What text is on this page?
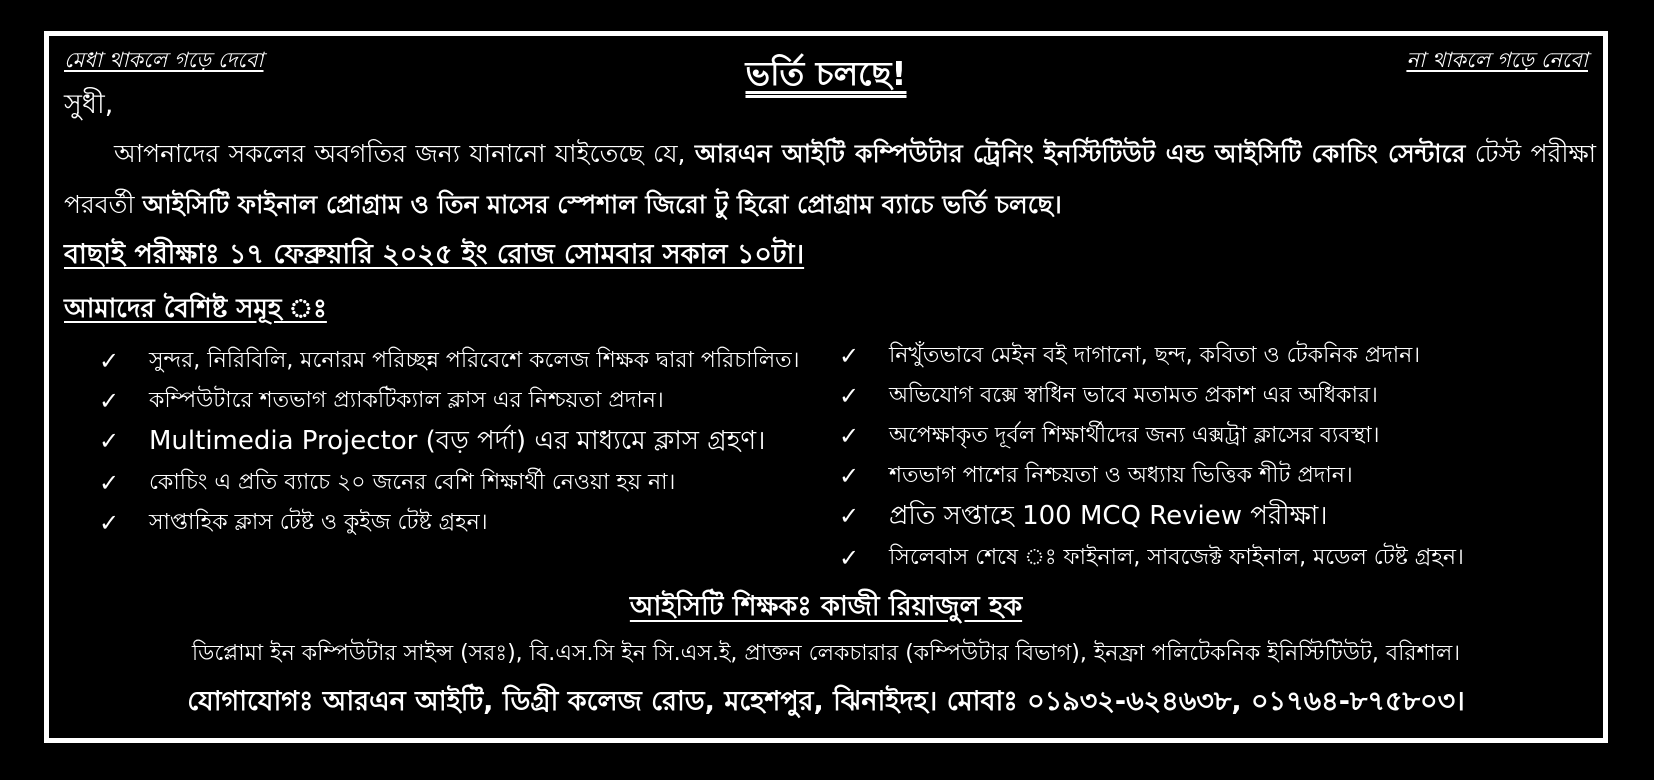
মেধা থাকলে গড়ে দেবো	না থাকলে গড়ে নেবো
ভর্তি চলছে!
সুধী,
আপনাদের সকলের অবগতির জন্য যানানো যাইতেছে যে, আরএন আইটি কম্পিউটার ট্রেনিং ইনস্টিটিউট এন্ড আইসিটি কোচিং সেন্টারে টেস্ট পরীক্ষা পরবর্তী আইসিটি ফাইনাল প্রোগ্রাম ও তিন মাসের স্পেশাল জিরো টু হিরো প্রোগ্রাম ব্যাচে ভর্তি চলছে।
বাছাই পরীক্ষাঃ ১৭ ফেব্রুয়ারি ২০২৫ ইং রোজ সোমবার সকাল ১০টা।
আমাদের বৈশিষ্ট সমূহ ঃ
✓ সুন্দর, নিরিবিলি, মনোরম পরিচ্ছন্ন পরিবেশে কলেজ শিক্ষক দ্বারা পরিচালিত।
✓ কম্পিউটারে শতভাগ প্র্যাকটিক্যাল ক্লাস এর নিশ্চয়তা প্রদান।
✓ Multimedia Projector (বড় পর্দা) এর মাধ্যমে ক্লাস গ্রহণ।
✓ কোচিং এ প্রতি ব্যাচে ২০ জনের বেশি শিক্ষার্থী নেওয়া হয় না।
✓ সাপ্তাহিক ক্লাস টেষ্ট ও কুইজ টেষ্ট গ্রহন।
✓ নিখুঁতভাবে মেইন বই দাগানো, ছন্দ, কবিতা ও টেকনিক প্রদান।
✓ অভিযোগ বক্সে স্বাধিন ভাবে মতামত প্রকাশ এর অধিকার।
✓ অপেক্ষাকৃত দূর্বল শিক্ষার্থীদের জন্য এক্সট্রা ক্লাসের ব্যবস্থা।
✓ শতভাগ পাশের নিশ্চয়তা ও অধ্যায় ভিত্তিক শীট প্রদান।
✓ প্রতি সপ্তাহে 100 MCQ Review পরীক্ষা।
✓ সিলেবাস শেষে ঃ ফাইনাল, সাবজেক্ট ফাইনাল, মডেল টেষ্ট গ্রহন।
আইসিটি শিক্ষকঃ কাজী রিয়াজুল হক
ডিপ্লোমা ইন কম্পিউটার সাইন্স (সরঃ), বি.এস.সি ইন সি.এস.ই, প্রাক্তন লেকচারার (কম্পিউটার বিভাগ), ইনফ্রা পলিটেকনিক ইনিস্টিটিউট, বরিশাল।
যোগাযোগঃ আরএন আইটি, ডিগ্রী কলেজ রোড, মহেশপুর, ঝিনাইদহ। মোবাঃ ০১৯৩২-৬২৪৬৩৮, ০১৭৬৪-৮৭৫৮০৩।
